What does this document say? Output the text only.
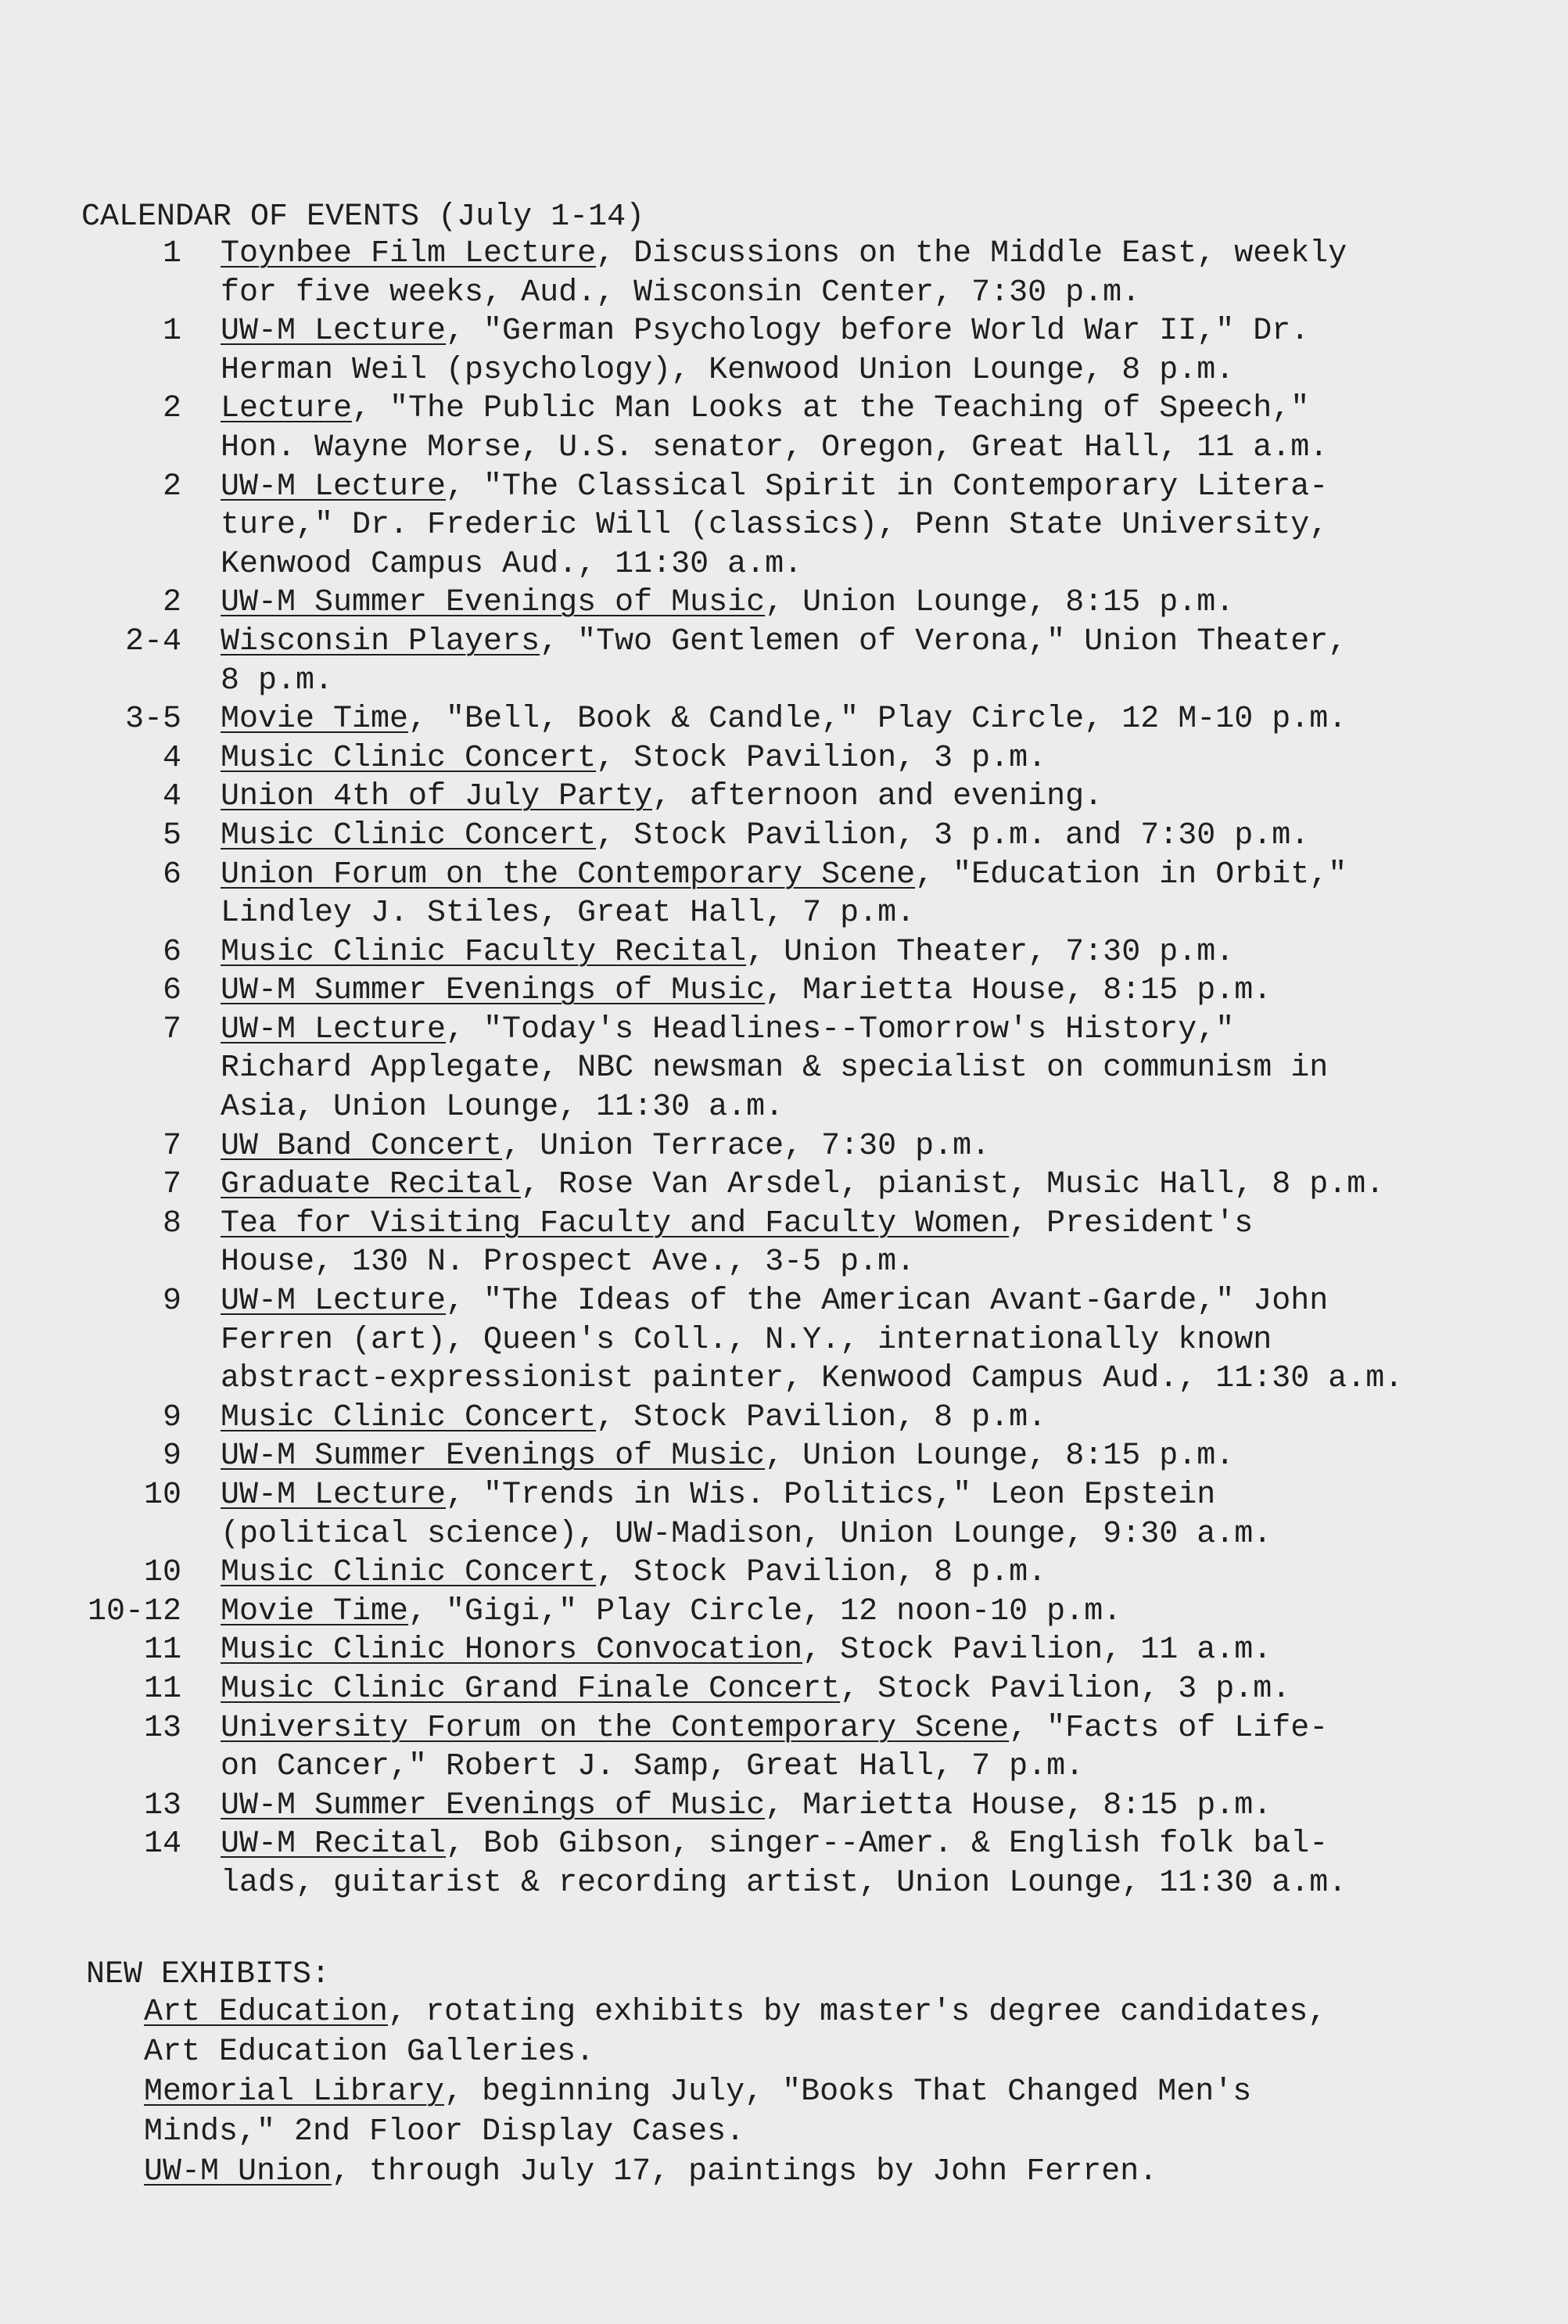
CALENDAR OF EVENTS (July 1-14)
1 Toynbee Film Lecture, Discussions on the Middle East, weekly
for five weeks, Aud., Wisconsin Center, 7:30 p.m.
1 UW-M Lecture, "German Psychology before World War II," Dr.
Herman Weil (psychology), Kenwood Union Lounge, 8 p.m.
2 Lecture, "The Public Man Looks at the Teaching of Speech,"
Hon. Wayne Morse, U.S. senator, Oregon, Great Hall, 11 a.m.
2 UW-M Lecture, "The Classical Spirit in Contemporary Litera-
ture," Dr. Frederic Will (classics), Penn State University,
Kenwood Campus Aud., 11:30 a.m.
2 UW-M Summer Evenings of Music, Union Lounge, 8:15 p.m.
2-4 Wisconsin Players, "Two Gentlemen of Verona," Union Theater,
8 p.m.
3-5 Movie Time, "Bell, Book & Candle," Play Circle, 12 M-10 p.m.
4 Music Clinic Concert, Stock Pavilion, 3 p.m.
4 Union 4th of July Party, afternoon and evening.
5 Music Clinic Concert, Stock Pavilion, 3 p.m. and 7:30 p.m.
6 Union Forum on the Contemporary Scene, "Education in Orbit,"
Lindley J. Stiles, Great Hall, 7 p.m.
6 Music Clinic Faculty Recital, Union Theater, 7:30 p.m.
6 UW-M Summer Evenings of Music, Marietta House, 8:15 p.m.
7 UW-M Lecture, "Today's Headlines--Tomorrow's History,"
Richard Applegate, NBC newsman & specialist on communism in
Asia, Union Lounge, 11:30 a.m.
7 UW Band Concert, Union Terrace, 7:30 p.m.
7 Graduate Recital, Rose Van Arsdel, pianist, Music Hall, 8 p.m.
8 Tea for Visiting Faculty and Faculty Women, President's
House, 130 N. Prospect Ave., 3-5 p.m.
9 UW-M Lecture, "The Ideas of the American Avant-Garde," John
Ferren (art), Queen's Coll., N.Y., internationally known
abstract-expressionist painter, Kenwood Campus Aud., 11:30 a.m.
9 Music Clinic Concert, Stock Pavilion, 8 p.m.
9 UW-M Summer Evenings of Music, Union Lounge, 8:15 p.m.
10 UW-M Lecture, "Trends in Wis. Politics," Leon Epstein
(political science), UW-Madison, Union Lounge, 9:30 a.m.
10 Music Clinic Concert, Stock Pavilion, 8 p.m.
10-12 Movie Time, "Gigi," Play Circle, 12 noon-10 p.m.
11 Music Clinic Honors Convocation, Stock Pavilion, 11 a.m.
11 Music Clinic Grand Finale Concert, Stock Pavilion, 3 p.m.
13 University Forum on the Contemporary Scene, "Facts of Life-
on Cancer," Robert J. Samp, Great Hall, 7 p.m.
13 UW-M Summer Evenings of Music, Marietta House, 8:15 p.m.
14 UW-M Recital, Bob Gibson, singer--Amer. & English folk bal-
lads, guitarist & recording artist, Union Lounge, 11:30 a.m.
NEW EXHIBITS:
Art Education, rotating exhibits by master's degree candidates,
Art Education Galleries.
Memorial Library, beginning July, "Books That Changed Men's
Minds," 2nd Floor Display Cases.
UW-M Union, through July 17, paintings by John Ferren.
